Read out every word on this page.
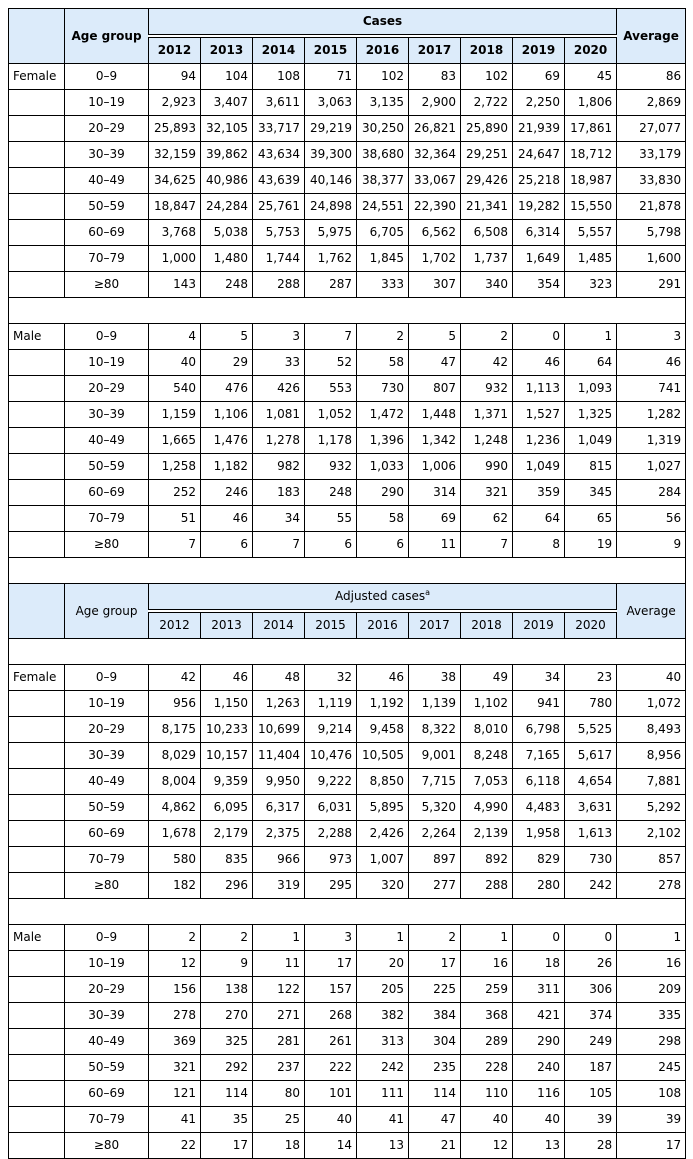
	Age group	Cases									Average
		2012	2013	2014	2015	2016	2017	2018	2019	2020	
Female	0–9	94	104	108	71	102	83	102	69	45	86
	10–19	2,923	3,407	3,611	3,063	3,135	2,900	2,722	2,250	1,806	2,869
	20–29	25,893	32,105	33,717	29,219	30,250	26,821	25,890	21,939	17,861	27,077
	30–39	32,159	39,862	43,634	39,300	38,680	32,364	29,251	24,647	18,712	33,179
	40–49	34,625	40,986	43,639	40,146	38,377	33,067	29,426	25,218	18,987	33,830
	50–59	18,847	24,284	25,761	24,898	24,551	22,390	21,341	19,282	15,550	21,878
	60–69	3,768	5,038	5,753	5,975	6,705	6,562	6,508	6,314	5,557	5,798
	70–79	1,000	1,480	1,744	1,762	1,845	1,702	1,737	1,649	1,485	1,600
	≥80	143	248	288	287	333	307	340	354	323	291

Male	0–9	4	5	3	7	2	5	2	0	1	3
	10–19	40	29	33	52	58	47	42	46	64	46
	20–29	540	476	426	553	730	807	932	1,113	1,093	741
	30–39	1,159	1,106	1,081	1,052	1,472	1,448	1,371	1,527	1,325	1,282
	40–49	1,665	1,476	1,278	1,178	1,396	1,342	1,248	1,236	1,049	1,319
	50–59	1,258	1,182	982	932	1,033	1,006	990	1,049	815	1,027
	60–69	252	246	183	248	290	314	321	359	345	284
	70–79	51	46	34	55	58	69	62	64	65	56
	≥80	7	6	7	6	6	11	7	8	19	9

	Age group	Adjusted cases$^a$									Average
		2012	2013	2014	2015	2016	2017	2018	2019	2020	

Female	0–9	42	46	48	32	46	38	49	34	23	40
	10–19	956	1,150	1,263	1,119	1,192	1,139	1,102	941	780	1,072
	20–29	8,175	10,233	10,699	9,214	9,458	8,322	8,010	6,798	5,525	8,493
	30–39	8,029	10,157	11,404	10,476	10,505	9,001	8,248	7,165	5,617	8,956
	40–49	8,004	9,359	9,950	9,222	8,850	7,715	7,053	6,118	4,654	7,881
	50–59	4,862	6,095	6,317	6,031	5,895	5,320	4,990	4,483	3,631	5,292
	60–69	1,678	2,179	2,375	2,288	2,426	2,264	2,139	1,958	1,613	2,102
	70–79	580	835	966	973	1,007	897	892	829	730	857
	≥80	182	296	319	295	320	277	288	280	242	278

Male	0–9	2	2	1	3	1	2	1	0	0	1
	10–19	12	9	11	17	20	17	16	18	26	16
	20–29	156	138	122	157	205	225	259	311	306	209
	30–39	278	270	271	268	382	384	368	421	374	335
	40–49	369	325	281	261	313	304	289	290	249	298
	50–59	321	292	237	222	242	235	228	240	187	245
	60–69	121	114	80	101	111	114	110	116	105	108
	70–79	41	35	25	40	41	47	40	40	39	39
	≥80	22	17	18	14	13	21	12	13	28	17
